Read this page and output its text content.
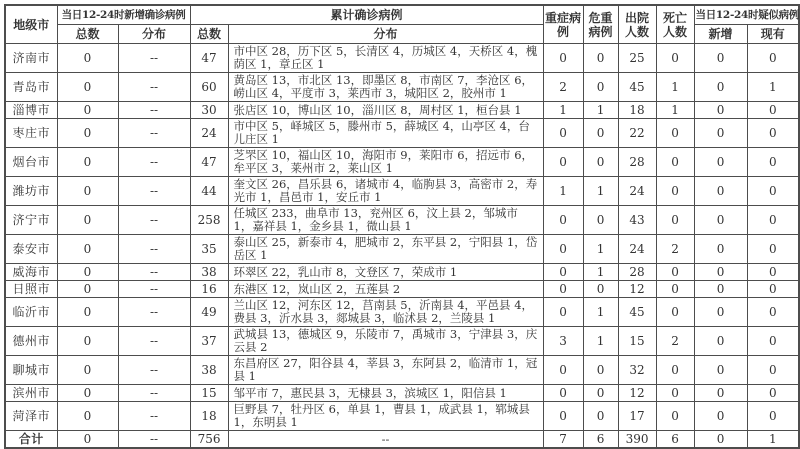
地级市	当日12-24时新增确诊病例		累计确诊病例		重症病例	危重病例	出院人数	死亡人数	当日12-24时疑似病例	
	总数	分布	总数	分布					新增	现有
济南市	0	--	47	市中区 28，历下区 5，长清区 4，历城区 4，天桥区 4，槐荫区 1，章丘区 1	0	0	25	0	0	0
青岛市	0	--	60	黄岛区 13，市北区 13，即墨区 8，市南区 7，李沧区 6，崂山区 4，平度市 3，莱西市 3，城阳区 2，胶州市 1	2	0	45	1	0	1
淄博市	0	--	30	张店区 10，博山区 10，淄川区 8，周村区 1，桓台县 1	1	1	18	1	0	0
枣庄市	0	--	24	市中区 5，峄城区 5，滕州市 5，薛城区 4，山亭区 4，台儿庄区 1	0	0	22	0	0	0
烟台市	0	--	47	芝罘区 10，福山区 10，海阳市 9，莱阳市 6，招远市 6，牟平区 3，莱州市 2，莱山区 1	0	0	28	0	0	0
潍坊市	0	--	44	奎文区 26，昌乐县 6，诸城市 4，临朐县 3，高密市 2，寿光市 1，昌邑市 1，安丘市 1	1	1	24	0	0	0
济宁市	0	--	258	任城区 233，曲阜市 13，兖州区 6，汶上县 2，邹城市 1，嘉祥县 1，金乡县 1，微山县 1	0	0	43	0	0	0
泰安市	0	--	35	泰山区 25，新泰市 4，肥城市 2，东平县 2，宁阳县 1，岱岳区 1	0	1	24	2	0	0
威海市	0	--	38	环翠区 22，乳山市 8，文登区 7，荣成市 1	0	1	28	0	0	0
日照市	0	--	16	东港区 12，岚山区 2，五莲县 2	0	0	12	0	0	0
临沂市	0	--	49	兰山区 12，河东区 12，莒南县 5，沂南县 4，平邑县 4，费县 3，沂水县 3，郯城县 3，临沭县 2，兰陵县 1	0	1	45	0	0	0
德州市	0	--	37	武城县 13，德城区 9，乐陵市 7，禹城市 3，宁津县 3，庆云县 2	3	1	15	2	0	0
聊城市	0	--	38	东昌府区 27，阳谷县 4，莘县 3，东阿县 2，临清市 1，冠县 1	0	0	32	0	0	0
滨州市	0	--	15	邹平市 7，惠民县 3，无棣县 3，滨城区 1，阳信县 1	0	0	12	0	0	0
菏泽市	0	--	18	巨野县 7，牡丹区 6，单县 1，曹县 1，成武县 1，郓城县 1，东明县 1	0	0	17	0	0	0
合计	0	--	756	--	7	6	390	6	0	1
